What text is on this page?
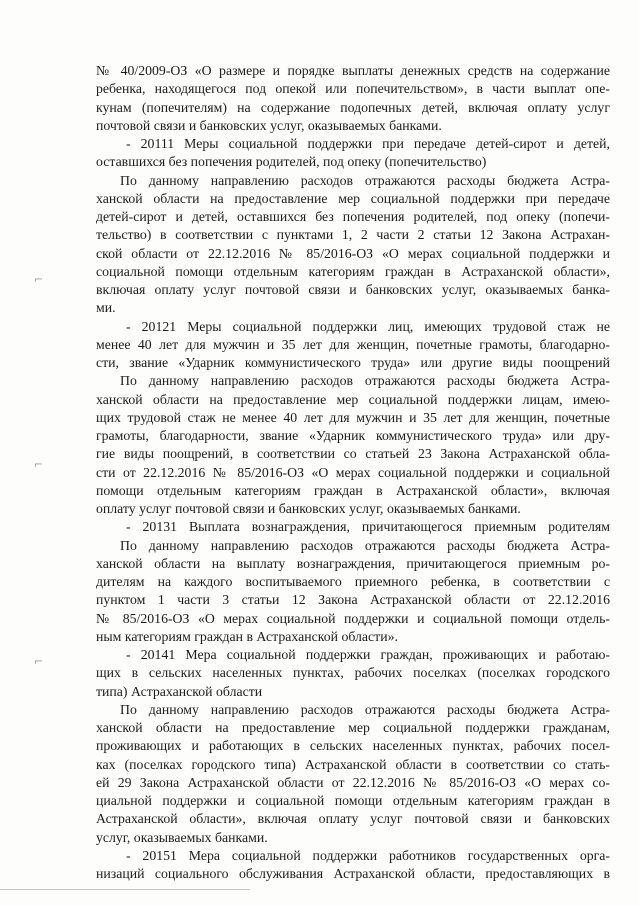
№ 40/2009-ОЗ «О размере и порядке выплаты денежных средств на содержание
ребенка, находящегося под опекой или попечительством», в части выплат опе-
кунам (попечителям) на содержание подопечных детей, включая оплату услуг
почтовой связи и банковских услуг, оказываемых банками.
- 20111 Меры социальной поддержки при передаче детей-сирот и детей,
оставшихся без попечения родителей, под опеку (попечительство)
По данному направлению расходов отражаются расходы бюджета Астра-
ханской области на предоставление мер социальной поддержки при передаче
детей-сирот и детей, оставшихся без попечения родителей, под опеку (попечи-
тельство) в соответствии с пунктами 1, 2 части 2 статьи 12 Закона Астрахан-
ской области от 22.12.2016 № 85/2016-ОЗ «О мерах социальной поддержки и
социальной помощи отдельным категориям граждан в Астраханской области»,
включая оплату услуг почтовой связи и банковских услуг, оказываемых банка-
ми.
- 20121 Меры социальной поддержки лиц, имеющих трудовой стаж не
менее 40 лет для мужчин и 35 лет для женщин, почетные грамоты, благодарно-
сти, звание «Ударник коммунистического труда» или другие виды поощрений
По данному направлению расходов отражаются расходы бюджета Астра-
ханской области на предоставление мер социальной поддержки лицам, имею-
щих трудовой стаж не менее 40 лет для мужчин и 35 лет для женщин, почетные
грамоты, благодарности, звание «Ударник коммунистического труда» или дру-
гие виды поощрений, в соответствии со статьей 23 Закона Астраханской обла-
сти от 22.12.2016 № 85/2016-ОЗ «О мерах социальной поддержки и социальной
помощи отдельным категориям граждан в Астраханской области», включая
оплату услуг почтовой связи и банковских услуг, оказываемых банками.
- 20131 Выплата вознаграждения, причитающегося приемным родителям
По данному направлению расходов отражаются расходы бюджета Астра-
ханской области на выплату вознаграждения, причитающегося приемным ро-
дителям на каждого воспитываемого приемного ребенка, в соответствии с
пунктом 1 части 3 статьи 12 Закона Астраханской области от 22.12.2016
№ 85/2016-ОЗ «О мерах социальной поддержки и социальной помощи отдель-
ным категориям граждан в Астраханской области».
- 20141 Мера социальной поддержки граждан, проживающих и работаю-
щих в сельских населенных пунктах, рабочих поселках (поселках городского
типа) Астраханской области
По данному направлению расходов отражаются расходы бюджета Астра-
ханской области на предоставление мер социальной поддержки гражданам,
проживающих и работающих в сельских населенных пунктах, рабочих посел-
ках (поселках городского типа) Астраханской области в соответствии со стать-
ей 29 Закона Астраханской области от 22.12.2016 № 85/2016-ОЗ «О мерах со-
циальной поддержки и социальной помощи отдельным категориям граждан в
Астраханской области», включая оплату услуг почтовой связи и банковских
услуг, оказываемых банками.
- 20151 Мера социальной поддержки работников государственных орга-
низаций социального обслуживания Астраханской области, предоставляющих в
⌐
⌐
⌐
